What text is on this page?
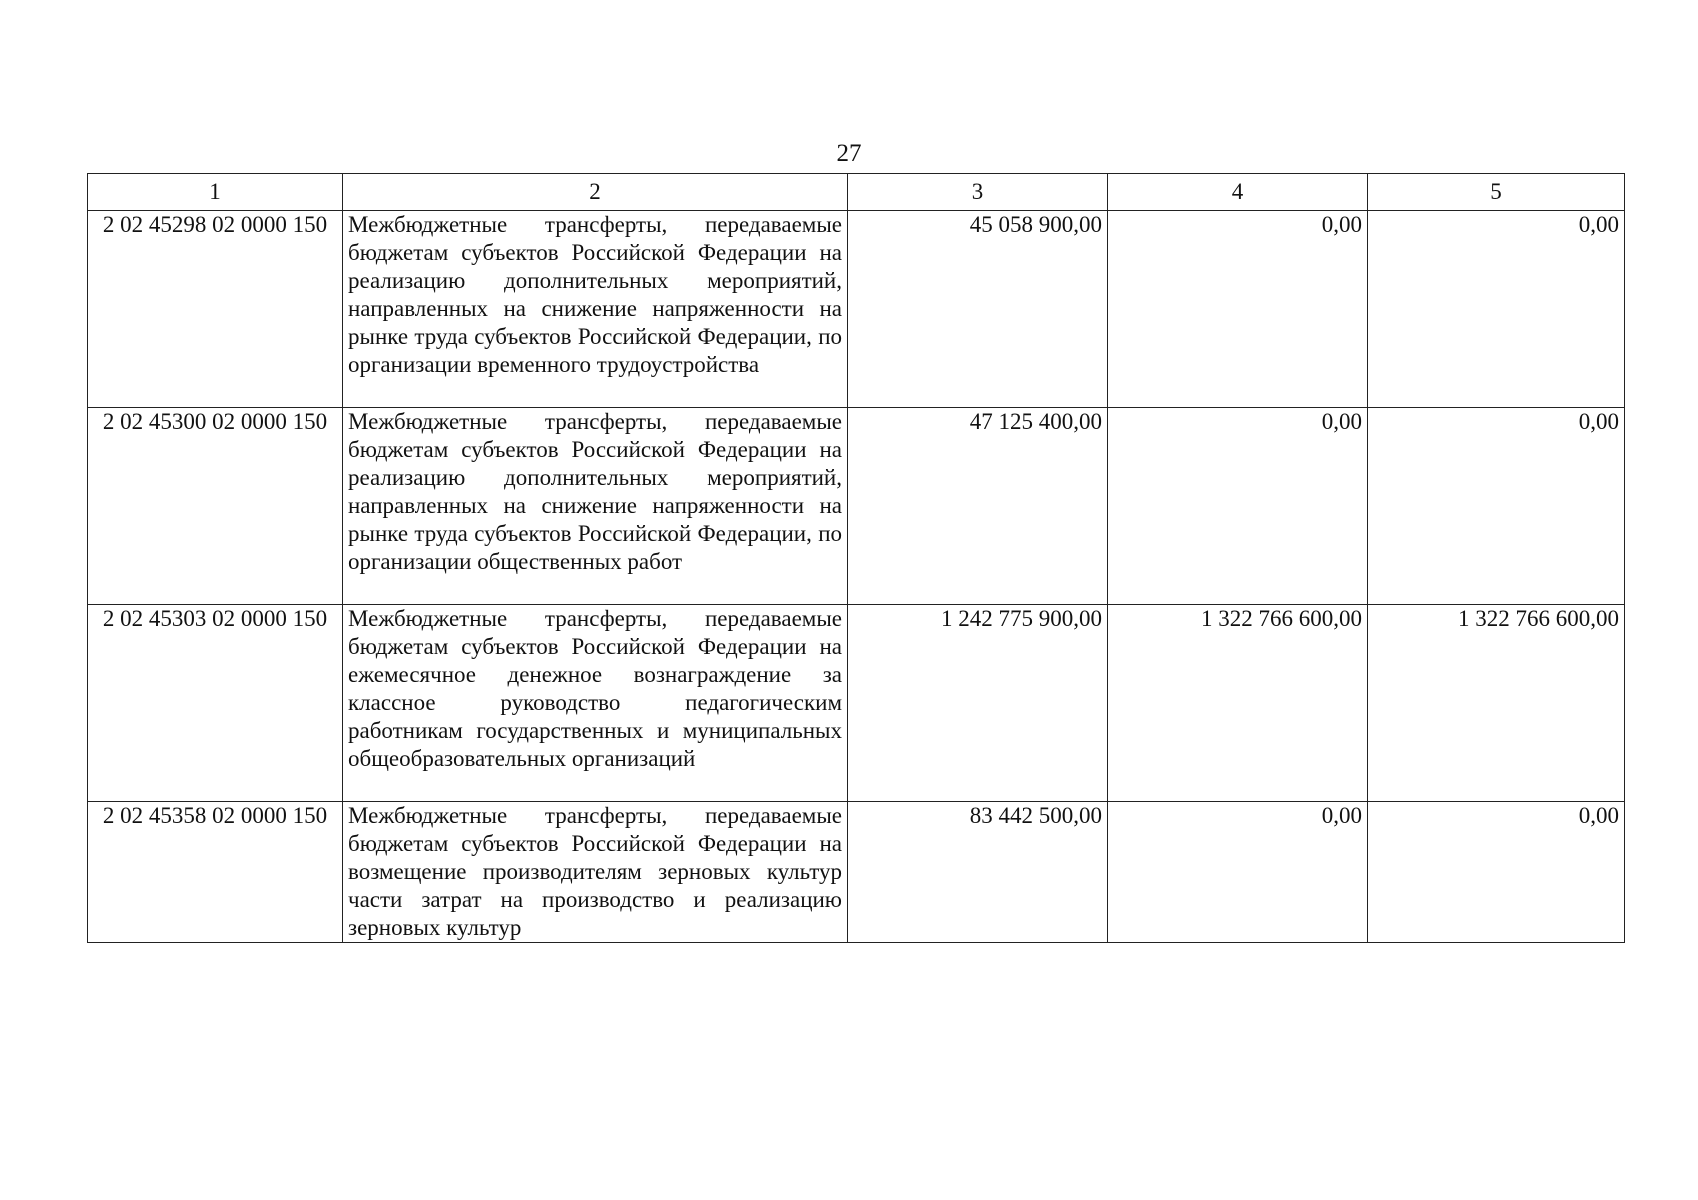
27
1	2	3	4	5
2 02 45298 02 0000 150	Межбюджетные трансферты, передаваемые бюджетам субъектов Российской Федерации на реализацию дополнительных мероприятий, направленных на снижение напряженности на рынке труда субъектов Российской Федерации, по организации временного трудоустройства	45 058 900,00	0,00	0,00
2 02 45300 02 0000 150	Межбюджетные трансферты, передаваемые бюджетам субъектов Российской Федерации на реализацию дополнительных мероприятий, направленных на снижение напряженности на рынке труда субъектов Российской Федерации, по организации общественных работ	47 125 400,00	0,00	0,00
2 02 45303 02 0000 150	Межбюджетные трансферты, передаваемые бюджетам субъектов Российской Федерации на ежемесячное денежное вознаграждение за классное руководство педагогическим работникам государственных и муниципальных общеобразовательных организаций	1 242 775 900,00	1 322 766 600,00	1 322 766 600,00
2 02 45358 02 0000 150	Межбюджетные трансферты, передаваемые бюджетам субъектов Российской Федерации на возмещение производителям зерновых культур части затрат на производство и реализацию зерновых культур	83 442 500,00	0,00	0,00
